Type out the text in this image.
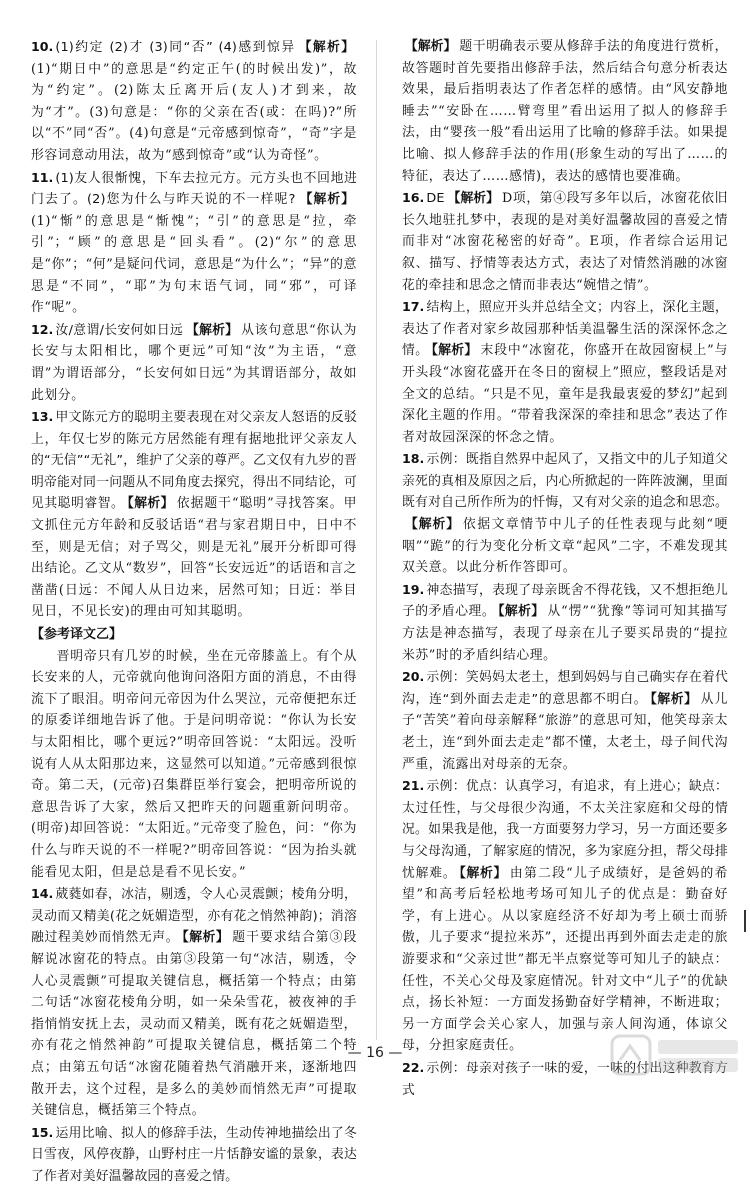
10. (1)约定 (2)才 (3)同“否” (4)感到惊异 【解析】(1)“期日中”的意思是“约定正午(的时候出发)”，故为“约定”。(2)陈太丘离开后(友人)才到来，故为“才”。(3)句意是：“你的父亲在否(或：在吗)?”所以“不”同“否”。(4)句意是“元帝感到惊奇”，“奇”字是形容词意动用法，故为“感到惊奇”或“认为奇怪”。
11. (1)友人很惭愧，下车去拉元方。元方头也不回地进门去了。(2)您为什么与昨天说的不一样呢? 【解析】(1)“惭”的意思是“惭愧”；“引”的意思是“拉，牵引”；“顾”的意思是“回头看”。(2)“尔”的意思是“你”；“何”是疑问代词，意思是“为什么”；“异”的意思是“不同”，“耶”为句末语气词，同“邪”，可译作“呢”。
12. 汝/意谓/长安何如日远 【解析】 从该句意思“你认为长安与太阳相比，哪个更远”可知“汝”为主语，“意谓”为谓语部分，“长安何如日远”为其谓语部分，故如此划分。
13. 甲文陈元方的聪明主要表现在对父亲友人怒语的反驳上，年仅七岁的陈元方居然能有理有据地批评父亲友人的“无信”“无礼”，维护了父亲的尊严。乙文仅有九岁的晋明帝能对同一问题从不同角度去探究，得出不同结论，可见其聪明睿智。 【解析】 依据题干“聪明”寻找答案。甲文抓住元方年龄和反驳话语“君与家君期日中，日中不至，则是无信；对子骂父，则是无礼”展开分析即可得出结论。乙文从“数岁”，回答“长安远近”的话语和言之凿凿(日远：不闻人从日边来，居然可知；日近：举目见日，不见长安)的理由可知其聪明。
【参考译文乙】
晋明帝只有几岁的时候，坐在元帝膝盖上。有个从长安来的人，元帝就向他询问洛阳方面的消息，不由得流下了眼泪。明帝问元帝因为什么哭泣，元帝便把东迁的原委详细地告诉了他。于是问明帝说：“你认为长安与太阳相比，哪个更远?”明帝回答说：“太阳远。没听说有人从太阳那边来，这显然可以知道。”元帝感到很惊奇。第二天，(元帝)召集群臣举行宴会，把明帝所说的意思告诉了大家，然后又把昨天的问题重新问明帝。(明帝)却回答说：“太阳近。”元帝变了脸色，问：“你为什么与昨天说的不一样呢?”明帝回答说：“因为抬头就能看见太阳，但是总是看不见长安。”
14. 葳蕤如春，冰洁，剔透，令人心灵震颤；棱角分明，灵动而又精美(花之妩媚造型，亦有花之悄然神韵)；消溶融过程美妙而悄然无声。 【解析】 题干要求结合第③段解说冰窗花的特点。由第③段第一句“冰洁，剔透，令人心灵震颤”可提取关键信息，概括第一个特点；由第二句话“冰窗花棱角分明，如一朵朵雪花，被夜神的手指悄悄安抚上去，灵动而又精美，既有花之妩媚造型，亦有花之悄然神韵”可提取关键信息，概括第二个特点；由第五句话“冰窗花随着热气消融开来，逐渐地四散开去，这个过程，是多么的美妙而悄然无声”可提取关键信息，概括第三个特点。
15. 运用比喻、拟人的修辞手法，生动传神地描绘出了冬日雪夜，风停夜静，山野村庄一片恬静安谧的景象，表达了作者对美好温馨故园的喜爱之情。
【解析】 题干明确表示要从修辞手法的角度进行赏析，故答题时首先要指出修辞手法，然后结合句意分析表达效果，最后指明表达了作者怎样的感情。由“风安静地睡去”“安卧在……臂弯里”看出运用了拟人的修辞手法，由“婴孩一般”看出运用了比喻的修辞手法。如果提比喻、拟人修辞手法的作用(形象生动的写出了……的特征，表达了……感情)，表达的感情也要准确。
16. DE 【解析】 D项，第④段写多年以后，冰窗花依旧长久地驻扎梦中，表现的是对美好温馨故园的喜爱之情而非对“冰窗花秘密的好奇”。E项，作者综合运用记叙、描写、抒情等表达方式，表达了对情然消融的冰窗花的牵挂和思念之情而非表达“婉惜之情”。
17. 结构上，照应开头并总结全文；内容上，深化主题，表达了作者对家乡故园那种恬美温馨生活的深深怀念之情。 【解析】 末段中“冰窗花，你盛开在故园窗棂上”与开头段“冰窗花盛开在冬日的窗棂上”照应，整段话是对全文的总结。“只是不见，童年是我最衷爱的梦幻”起到深化主题的作用。“带着我深深的牵挂和思念”表达了作者对故园深深的怀念之情。
18. 示例：既指自然界中起风了，又指文中的儿子知道父亲死的真相及原因之后，内心所掀起的一阵阵波澜，里面既有对自己所作所为的忏悔，又有对父亲的追念和思恋。【解析】 依据文章情节中儿子的任性表现与此刻“哽咽”“跪”的行为变化分析文章“起风”二字，不难发现其双关意。以此分析作答即可。
19. 神态描写，表现了母亲既舍不得花钱，又不想拒绝儿子的矛盾心理。 【解析】 从“愣”“犹豫”等词可知其描写方法是神态描写，表现了母亲在儿子要买昂贵的“提拉米苏”时的矛盾纠结心理。
20. 示例：笑妈妈太老土，想到妈妈与自己确实存在着代沟，连“到外面去走走”的意思都不明白。 【解析】 从儿子“苦笑”着向母亲解释“旅游”的意思可知，他笑母亲太老土，连“到外面去走走”都不懂，太老土，母子间代沟严重，流露出对母亲的无奈。
21. 示例：优点：认真学习，有追求，有上进心；缺点：太过任性，与父母很少沟通，不太关注家庭和父母的情况。如果我是他，我一方面要努力学习，另一方面还要多与父母沟通，了解家庭的情况，多为家庭分担，帮父母排忧解难。 【解析】 由第二段“儿子成绩好，是爸妈的希望”和高考后轻松地考场可知儿子的优点是：勤奋好学，有上进心。从以家庭经济不好却为考上硕士而骄傲，儿子要求“提拉米苏”，还提出再到外面去走走的旅游要求和“父亲过世”都无半点察觉等可知儿子的缺点：任性，不关心父母及家庭情况。针对文中“儿子”的优缺点，扬长补短：一方面发扬勤奋好学精神，不断进取；另一方面学会关心家人，加强与亲人间沟通，体谅父母，分担家庭责任。
22. 示例：母亲对孩子一味的爱，一味的付出这种教育方式
— 16 —
